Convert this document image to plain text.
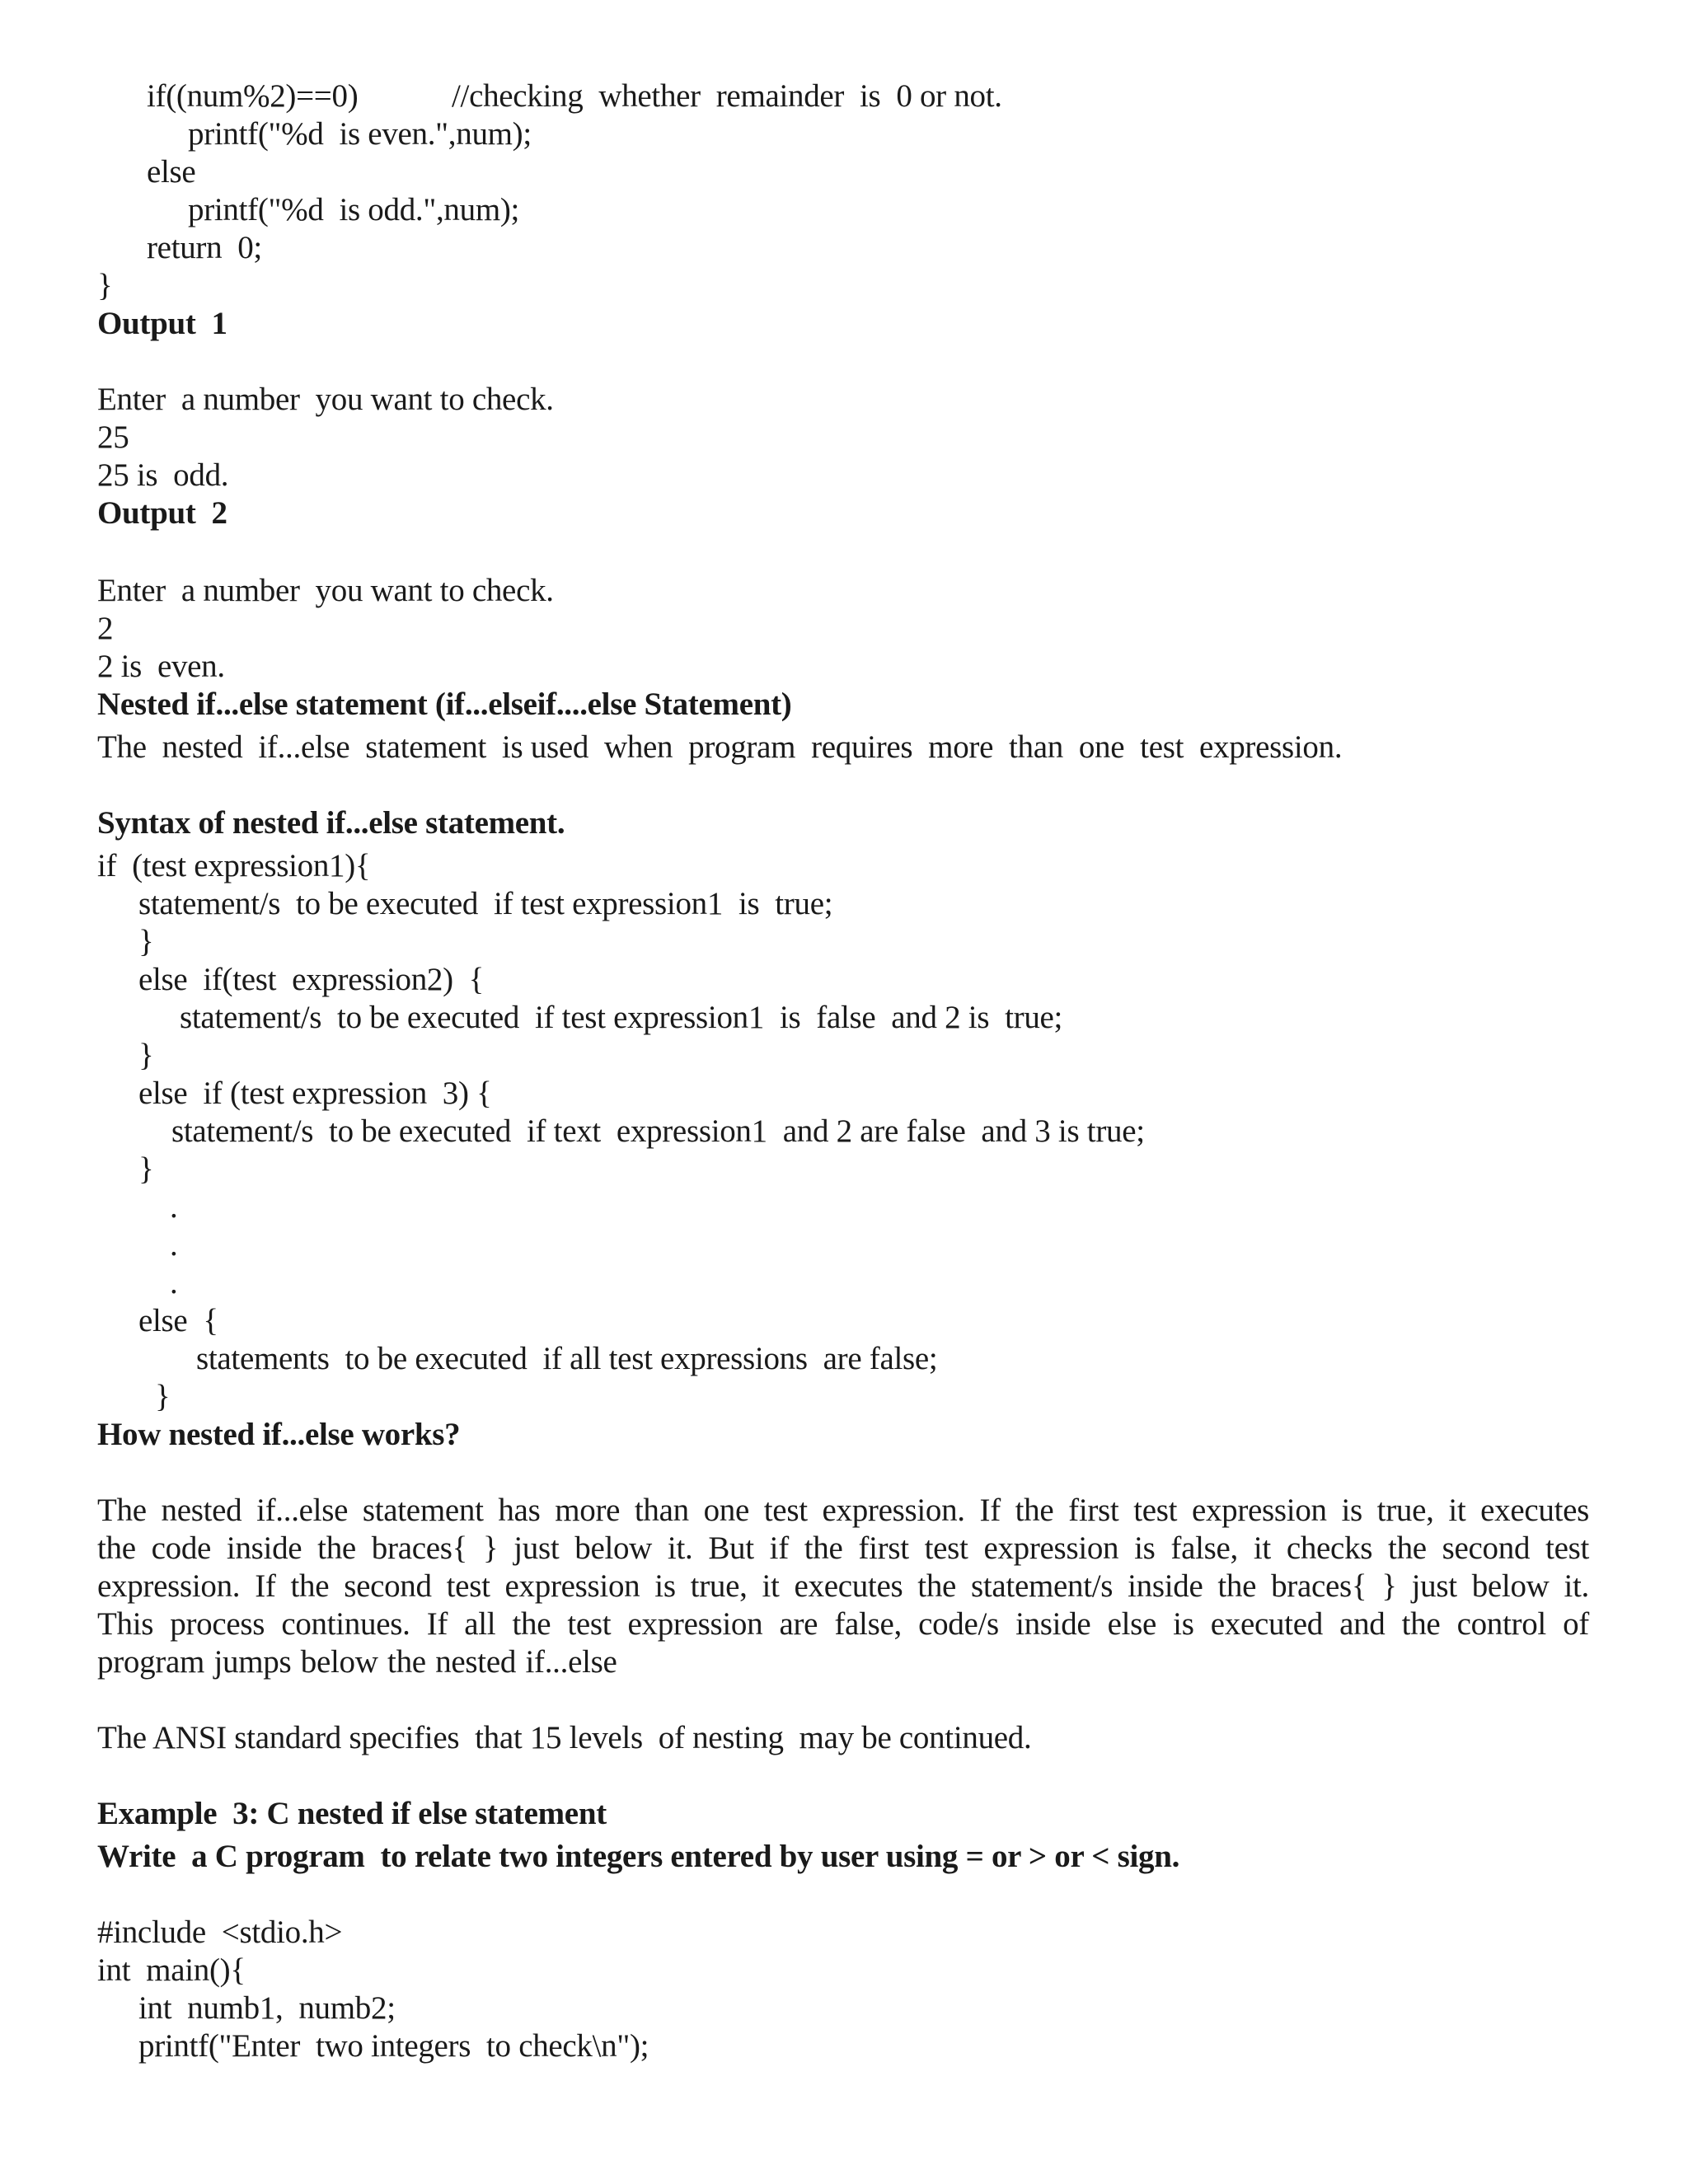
if((num%2)==0)	//checking  whether  remainder  is  0 or not.
printf("%d  is even.",num);
else
printf("%d  is odd.",num);
return  0;
}
Output  1
Enter  a number  you want to check.
25
25 is  odd.
Output  2
Enter  a number  you want to check.
2
2 is  even.
Nested if...else statement (if...elseif....else Statement)
The  nested  if...else  statement  is used  when  program  requires  more  than  one  test  expression.
Syntax of nested if...else statement.
if  (test expression1){
statement/s  to be executed  if test expression1  is  true;
}
else  if(test  expression2)  {
statement/s  to be executed  if test expression1  is  false  and 2 is  true;
}
else  if (test expression  3) {
statement/s  to be executed  if text  expression1  and 2 are false  and 3 is true;
}
.
.
.
else  {
statements  to be executed  if all test expressions  are false;
}
How nested if...else works?
The nested if...else statement has more than one test expression. If the first test expression is true, it executes
the code inside the braces{ } just below it. But if the first test expression is false, it checks the second test
expression. If the second test expression is true, it executes the statement/s inside the braces{ } just below it.
This process continues. If all the test expression are false, code/s inside else is executed and the control of
program jumps below the nested if...else
The ANSI standard specifies  that 15 levels  of nesting  may be continued.
Example  3: C nested if else statement
Write  a C program  to relate two integers entered by user using = or > or < sign.
#include  <stdio.h>
int  main(){
int  numb1,  numb2;
printf("Enter  two integers  to check\n");
